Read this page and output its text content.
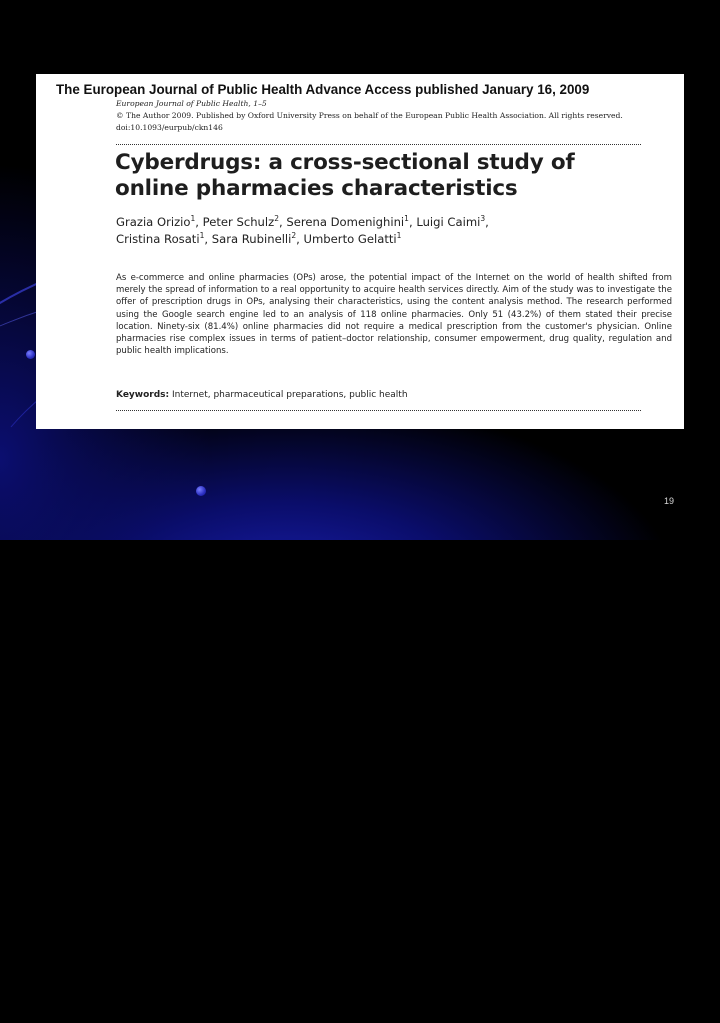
The European Journal of Public Health Advance Access published January 16, 2009
European Journal of Public Health, 1–5
© The Author 2009. Published by Oxford University Press on behalf of the European Public Health Association. All rights reserved.
doi:10.1093/eurpub/ckn146
Cyberdrugs: a cross-sectional study of online pharmacies characteristics
Grazia Orizio$^1$, Peter Schulz$^2$, Serena Domenighini$^1$, Luigi Caimi$^3$,
Cristina Rosati$^1$, Sara Rubinelli$^2$, Umberto Gelatti$^1$
As e-commerce and online pharmacies (OPs) arose, the potential impact of the Internet on the world of health shifted from merely the spread of information to a real opportunity to acquire health services directly. Aim of the study was to investigate the offer of prescription drugs in OPs, analysing their characteristics, using the content analysis method. The research performed using the Google search engine led to an analysis of 118 online pharmacies. Only 51 (43.2%) of them stated their precise location. Ninety-six (81.4%) online pharmacies did not require a medical prescription from the customer's physician. Online pharmacies rise complex issues in terms of patient–doctor relationship, consumer empowerment, drug quality, regulation and public health implications.
Keywords: Internet, pharmaceutical preparations, public health
19
